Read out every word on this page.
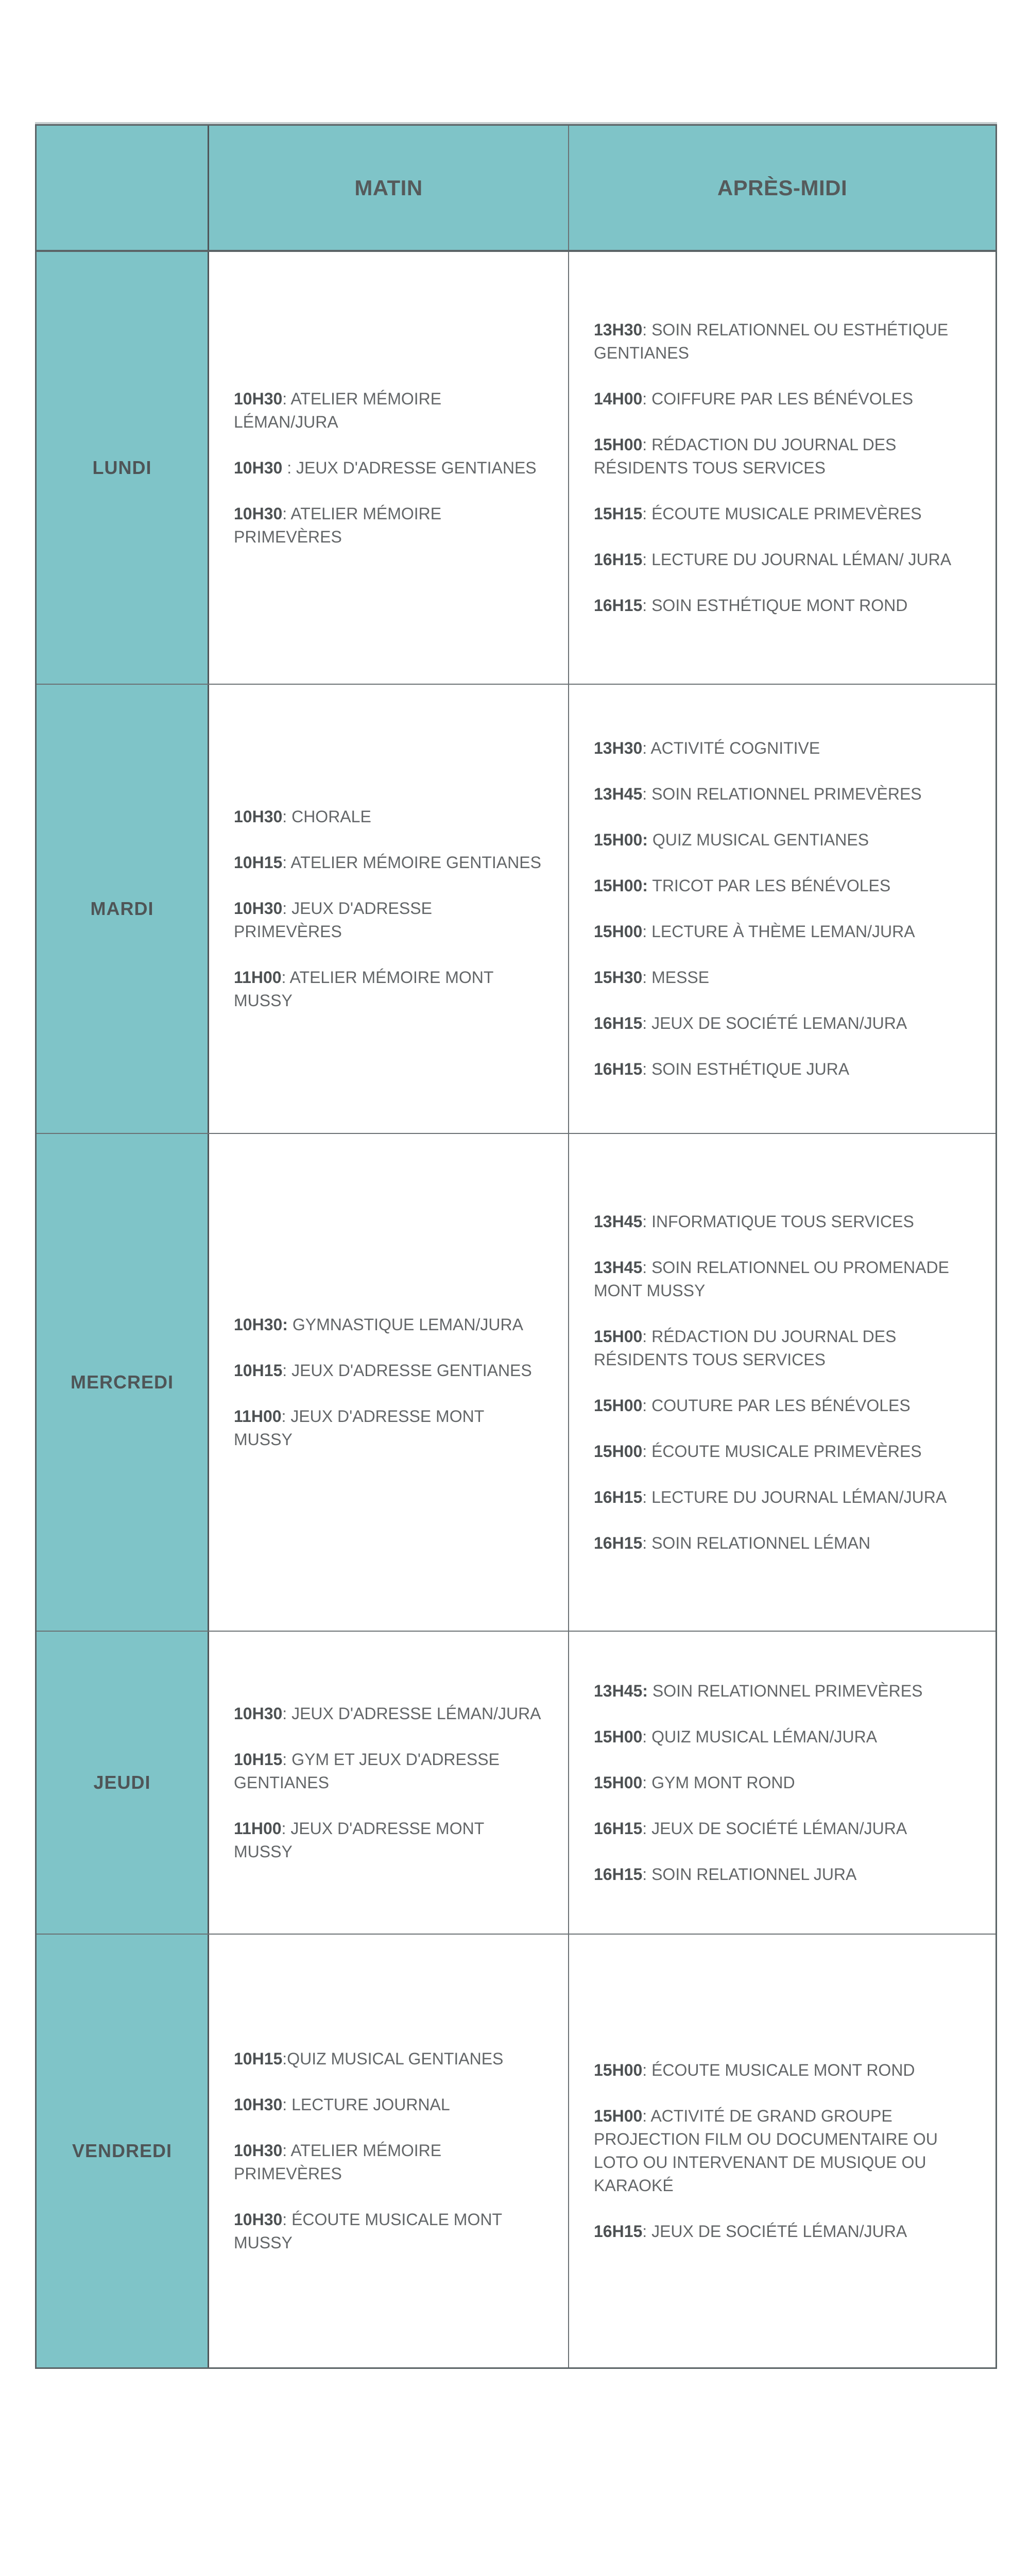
MATIN	APRÈS-MIDI
LUNDI
10H30: ATELIER MÉMOIRE LÉMAN/JURA
10H30 : JEUX D'ADRESSE GENTIANES
10H30: ATELIER MÉMOIRE PRIMEVÈRES
13H30: SOIN RELATIONNEL OU ESTHÉTIQUE GENTIANES
14H00: COIFFURE PAR LES BÉNÉVOLES
15H00: RÉDACTION DU JOURNAL DES RÉSIDENTS TOUS SERVICES
15H15: ÉCOUTE MUSICALE PRIMEVÈRES
16H15: LECTURE DU JOURNAL LÉMAN/ JURA
16H15: SOIN ESTHÉTIQUE MONT ROND
MARDI
10H30: CHORALE
10H15: ATELIER MÉMOIRE GENTIANES
10H30: JEUX D'ADRESSE PRIMEVÈRES
11H00: ATELIER MÉMOIRE MONT MUSSY
13H30: ACTIVITÉ COGNITIVE
13H45: SOIN RELATIONNEL PRIMEVÈRES
15H00: QUIZ MUSICAL GENTIANES
15H00: TRICOT PAR LES BÉNÉVOLES
15H00: LECTURE À THÈME LEMAN/JURA
15H30: MESSE
16H15: JEUX DE SOCIÉTÉ LEMAN/JURA
16H15: SOIN ESTHÉTIQUE JURA
MERCREDI
10H30: GYMNASTIQUE LEMAN/JURA
10H15: JEUX D'ADRESSE GENTIANES
11H00: JEUX D'ADRESSE MONT MUSSY
13H45: INFORMATIQUE TOUS SERVICES
13H45: SOIN RELATIONNEL OU PROMENADE MONT MUSSY
15H00: RÉDACTION DU JOURNAL DES RÉSIDENTS TOUS SERVICES
15H00: COUTURE PAR LES BÉNÉVOLES
15H00: ÉCOUTE MUSICALE PRIMEVÈRES
16H15: LECTURE DU JOURNAL LÉMAN/JURA
16H15: SOIN RELATIONNEL LÉMAN
JEUDI
10H30: JEUX D'ADRESSE LÉMAN/JURA
10H15: GYM ET JEUX D'ADRESSE GENTIANES
11H00: JEUX D'ADRESSE MONT MUSSY
13H45: SOIN RELATIONNEL PRIMEVÈRES
15H00: QUIZ MUSICAL LÉMAN/JURA
15H00: GYM MONT ROND
16H15: JEUX DE SOCIÉTÉ LÉMAN/JURA
16H15: SOIN RELATIONNEL JURA
VENDREDI
10H15:QUIZ MUSICAL GENTIANES
10H30: LECTURE JOURNAL
10H30: ATELIER MÉMOIRE PRIMEVÈRES
10H30: ÉCOUTE MUSICALE MONT MUSSY
15H00: ÉCOUTE MUSICALE MONT ROND
15H00: ACTIVITÉ DE GRAND GROUPE PROJECTION FILM OU DOCUMENTAIRE OU LOTO OU INTERVENANT DE MUSIQUE OU KARAOKÉ
16H15: JEUX DE SOCIÉTÉ LÉMAN/JURA
